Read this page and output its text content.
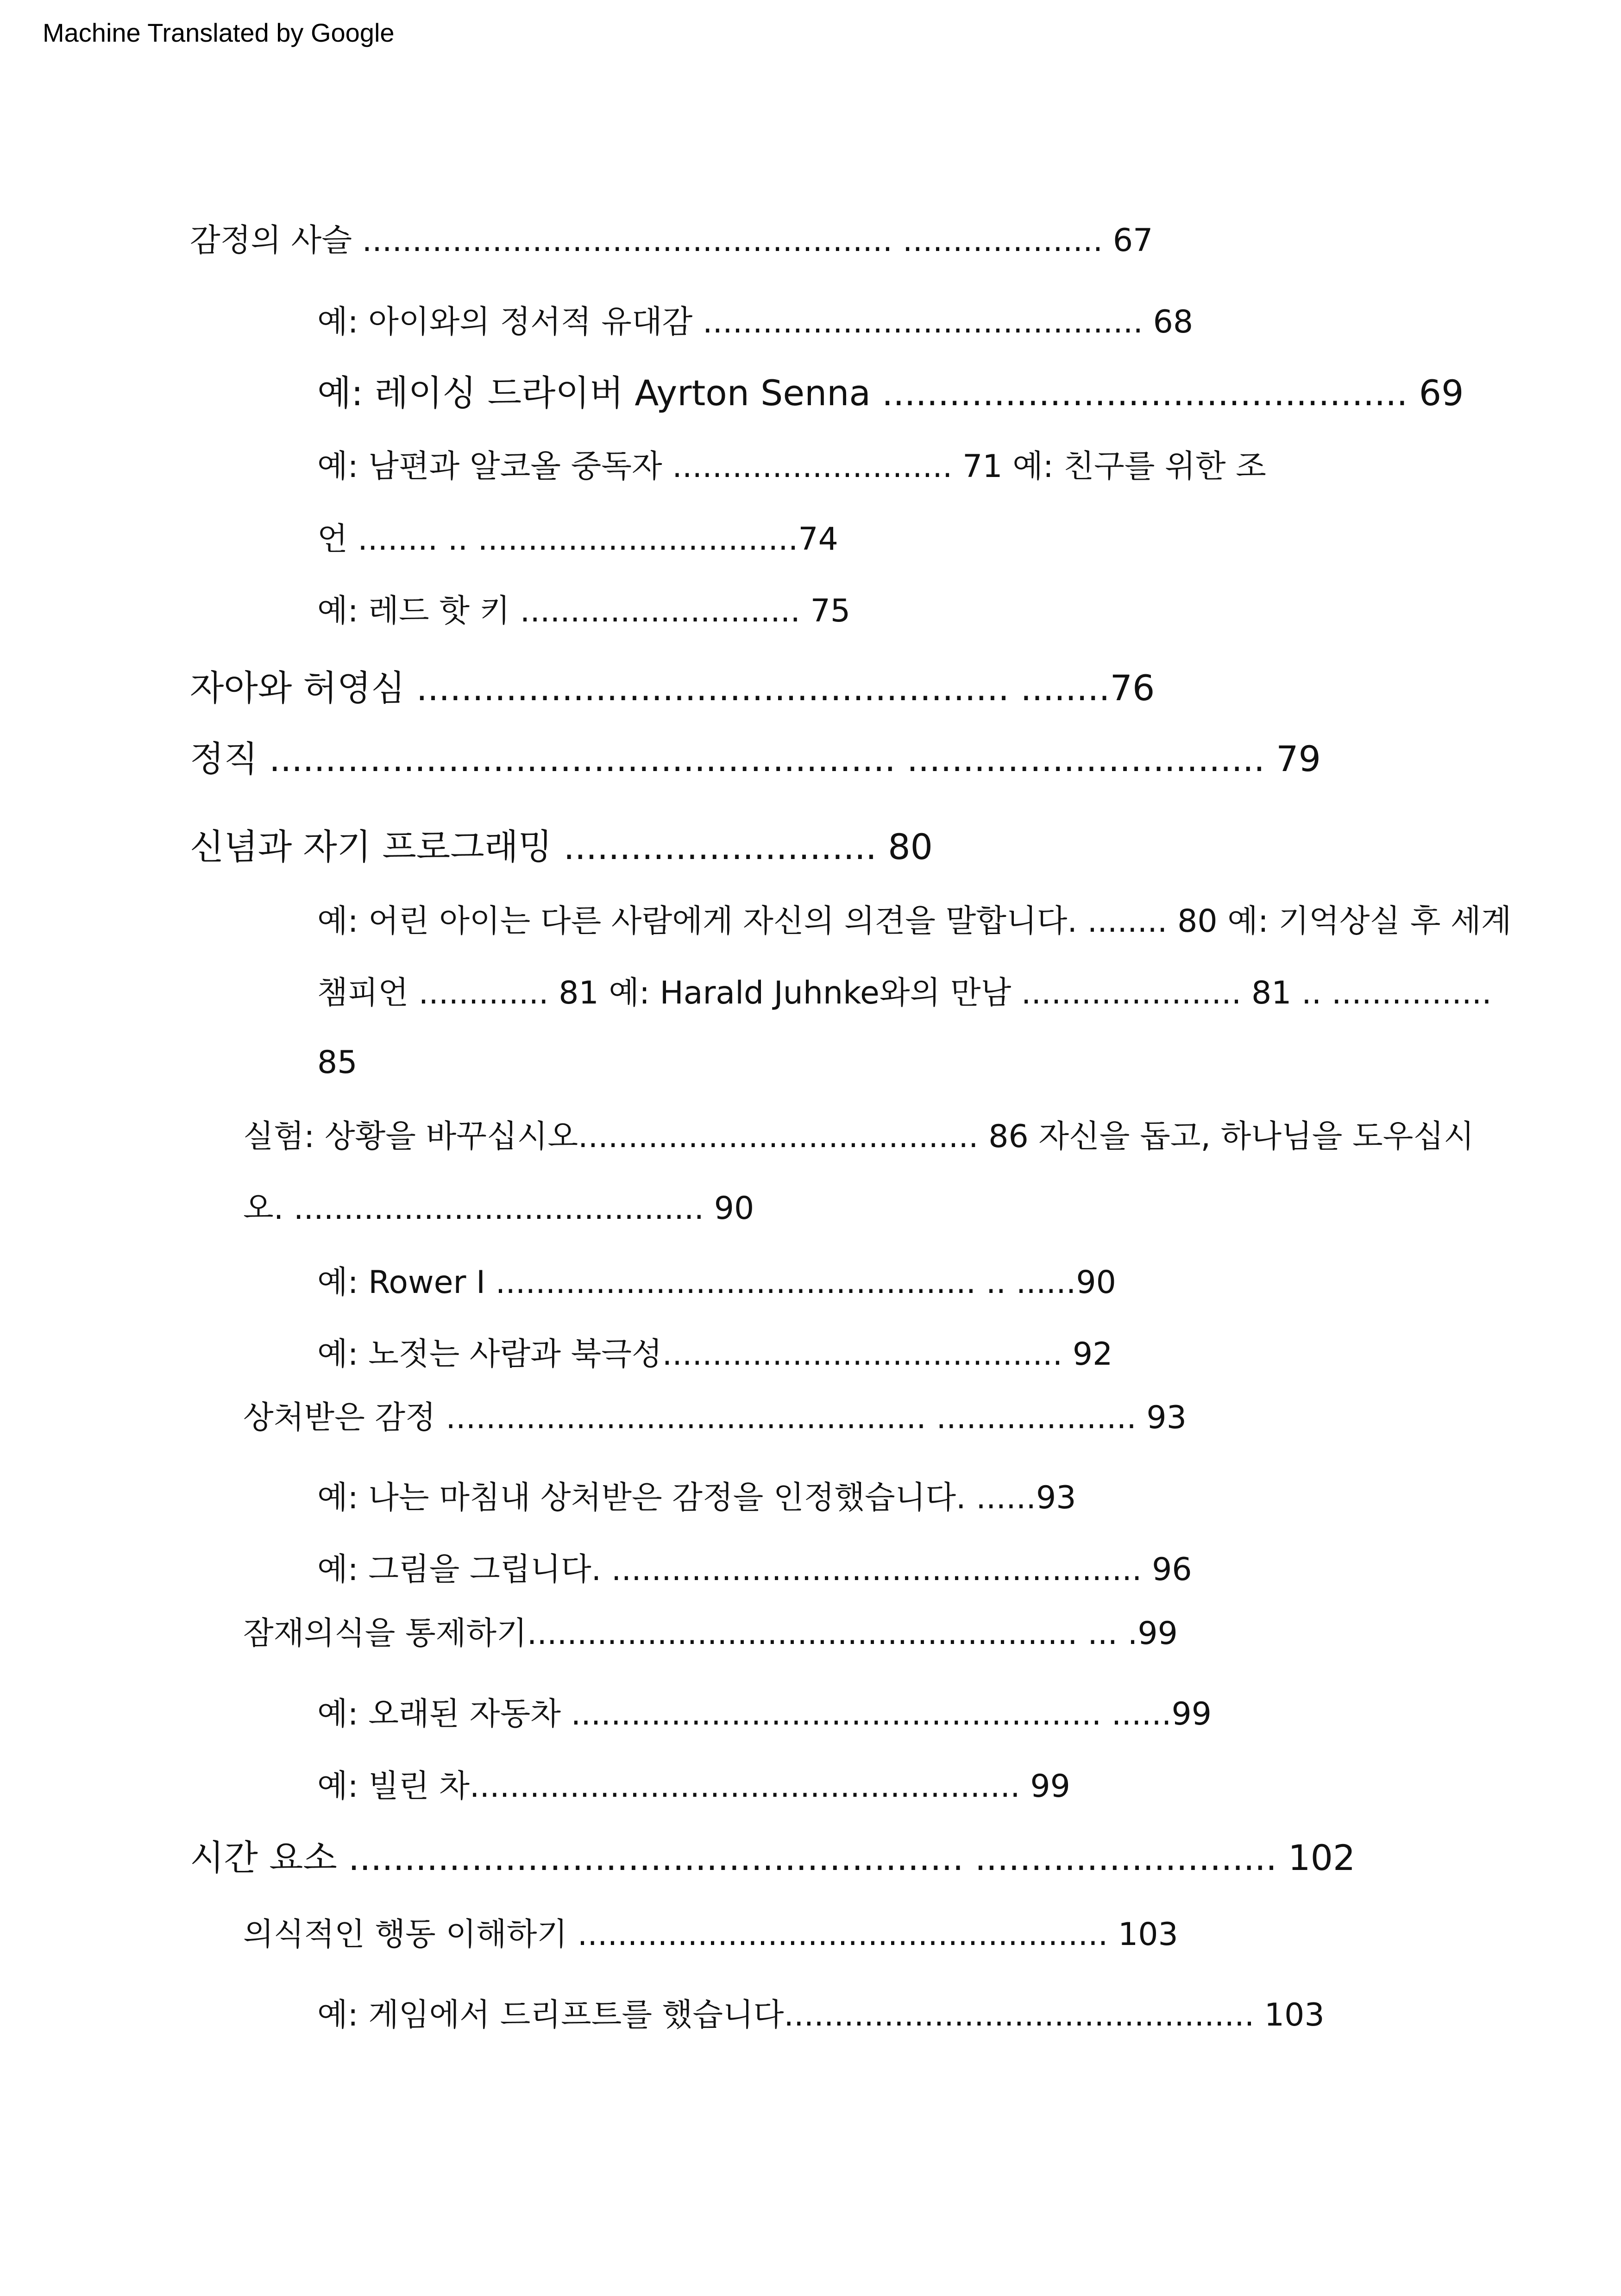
Machine Translated by Google
감정의 사슬 ..................................................... .................... 67
예: 아이와의 정서적 유대감 ............................................ 68
예: 레이싱 드라이버 Ayrton Senna ............................................... 69
예: 남편과 알코올 중독자 ............................ 71 예: 친구를 위한 조
언 ........ .. ................................74
예: 레드 핫 키 ............................ 75
자아와 허영심 ..................................................... ........76
정직 ........................................................ ................................ 79
신념과 자기 프로그래밍 ............................ 80
예: 어린 아이는 다른 사람에게 자신의 의견을 말합니다. ........ 80 예: 기억상실 후 세계
챔피언 ............. 81 예: Harald Juhnke와의 만남 ...................... 81 .. ................
85
실험: 상황을 바꾸십시오........................................ 86 자신을 돕고, 하나님을 도우십시
오. ......................................... 90
예: Rower I ................................................ .. ......90
예: 노젓는 사람과 북극성........................................ 92
상처받은 감정 ................................................ .................... 93
예: 나는 마침내 상처받은 감정을 인정했습니다. ......93
예: 그림을 그립니다. ..................................................... 96
잠재의식을 통제하기....................................................... ... .99
예: 오래된 자동차 ..................................................... ......99
예: 빌린 차....................................................... 99
시간 요소 ....................................................... ........................... 102
의식적인 행동 이해하기 ..................................................... 103
예: 게임에서 드리프트를 했습니다............................................... 103
